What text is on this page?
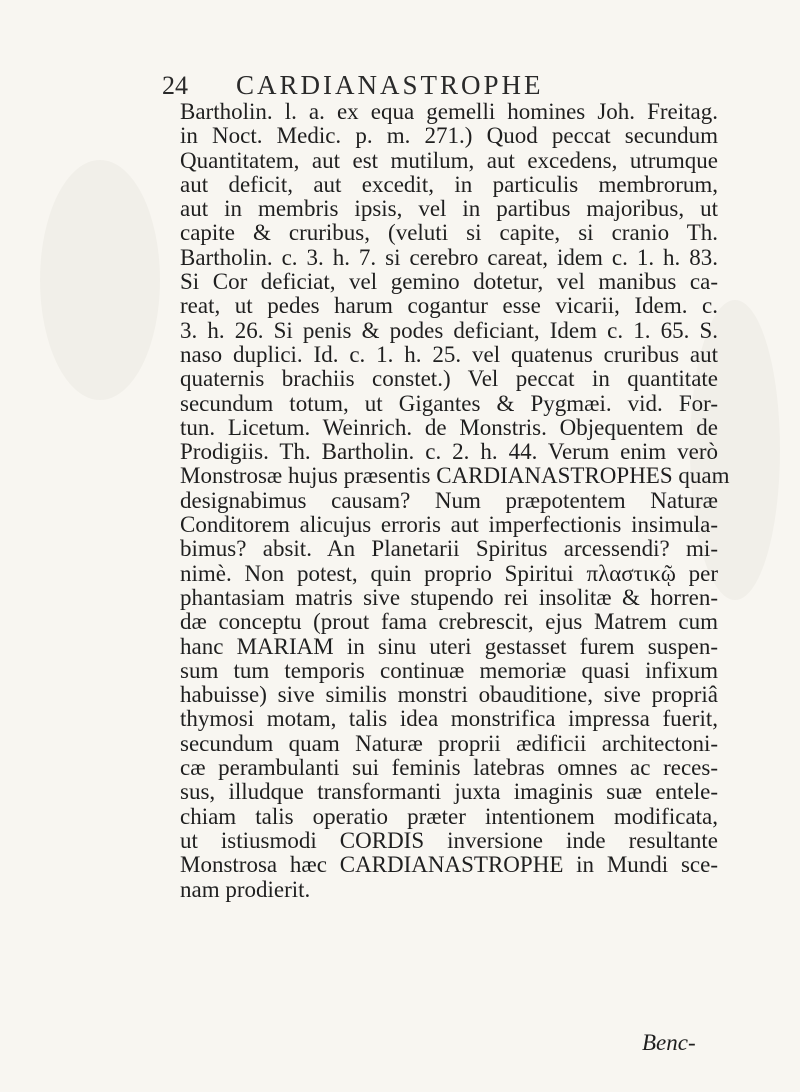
24 CARDIANASTROPHE
Bartholin. l. a. ex equa gemelli homines Joh. Freitag.
in Noct. Medic. p. m. 271.) Quod peccat secundum
Quantitatem, aut est mutilum, aut excedens, utrumque
aut deficit, aut excedit, in particulis membrorum,
aut in membris ipsis, vel in partibus majoribus, ut
capite & cruribus, (veluti si capite, si cranio Th.
Bartholin. c. 3. h. 7. si cerebro careat, idem c. 1. h. 83.
Si Cor deficiat, vel gemino dotetur, vel manibus ca-
reat, ut pedes harum cogantur esse vicarii, Idem. c.
3. h. 26. Si penis & podes deficiant, Idem c. 1. 65. S.
naso duplici. Id. c. 1. h. 25. vel quatenus cruribus aut
quaternis brachiis constet.) Vel peccat in quantitate
secundum totum, ut Gigantes & Pygmæi. vid. For-
tun. Licetum. Weinrich. de Monstris. Objequentem de
Prodigiis. Th. Bartholin. c. 2. h. 44. Verum enim verò
Monstrosæ hujus præsentis CARDIANASTROPHES quam
designabimus causam? Num præpotentem Naturæ
Conditorem alicujus erroris aut imperfectionis insimula-
bimus? absit. An Planetarii Spiritus arcessendi? mi-
nimè. Non potest, quin proprio Spiritui πλαστικῷ per
phantasiam matris sive stupendo rei insolitæ & horren-
dæ conceptu (prout fama crebrescit, ejus Matrem cum
hanc MARIAM in sinu uteri gestasset furem suspen-
sum tum temporis continuæ memoriæ quasi infixum
habuisse) sive similis monstri obauditione, sive propriâ
thymosi motam, talis idea monstrifica impressa fuerit,
secundum quam Naturæ proprii ædificii architectoni-
cæ perambulanti sui feminis latebras omnes ac reces-
sus, illudque transformanti juxta imaginis suæ entele-
chiam talis operatio præter intentionem modificata,
ut istiusmodi CORDIS inversione inde resultante
Monstrosa hæc CARDIANASTROPHE in Mundi sce-
nam prodierit.
Benc-
